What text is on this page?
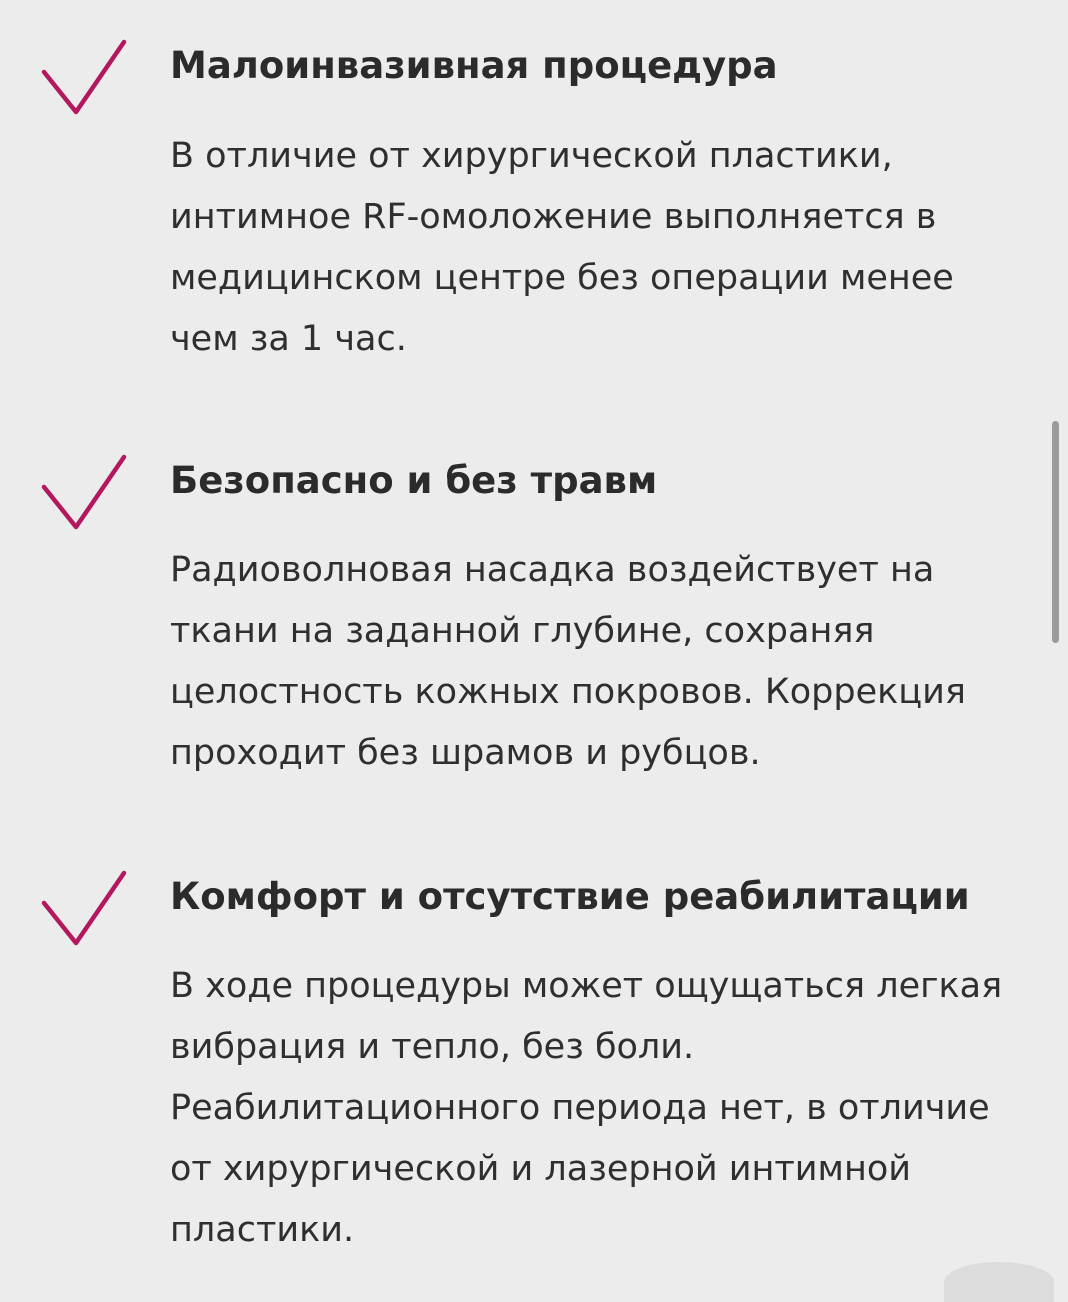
Малоинвазивная процедура

В отличие от хирургической пластики,
интимное RF-омоложение выполняется в
медицинском центре без операции менее
чем за 1 час.

Безопасно и без травм

Радиоволновая насадка воздействует на
ткани на заданной глубине, сохраняя
целостность кожных покровов. Коррекция
проходит без шрамов и рубцов.

Комфорт и отсутствие реабилитации

В ходе процедуры может ощущаться легкая
вибрация и тепло, без боли.
Реабилитационного периода нет, в отличие
от хирургической и лазерной интимной
пластики.
